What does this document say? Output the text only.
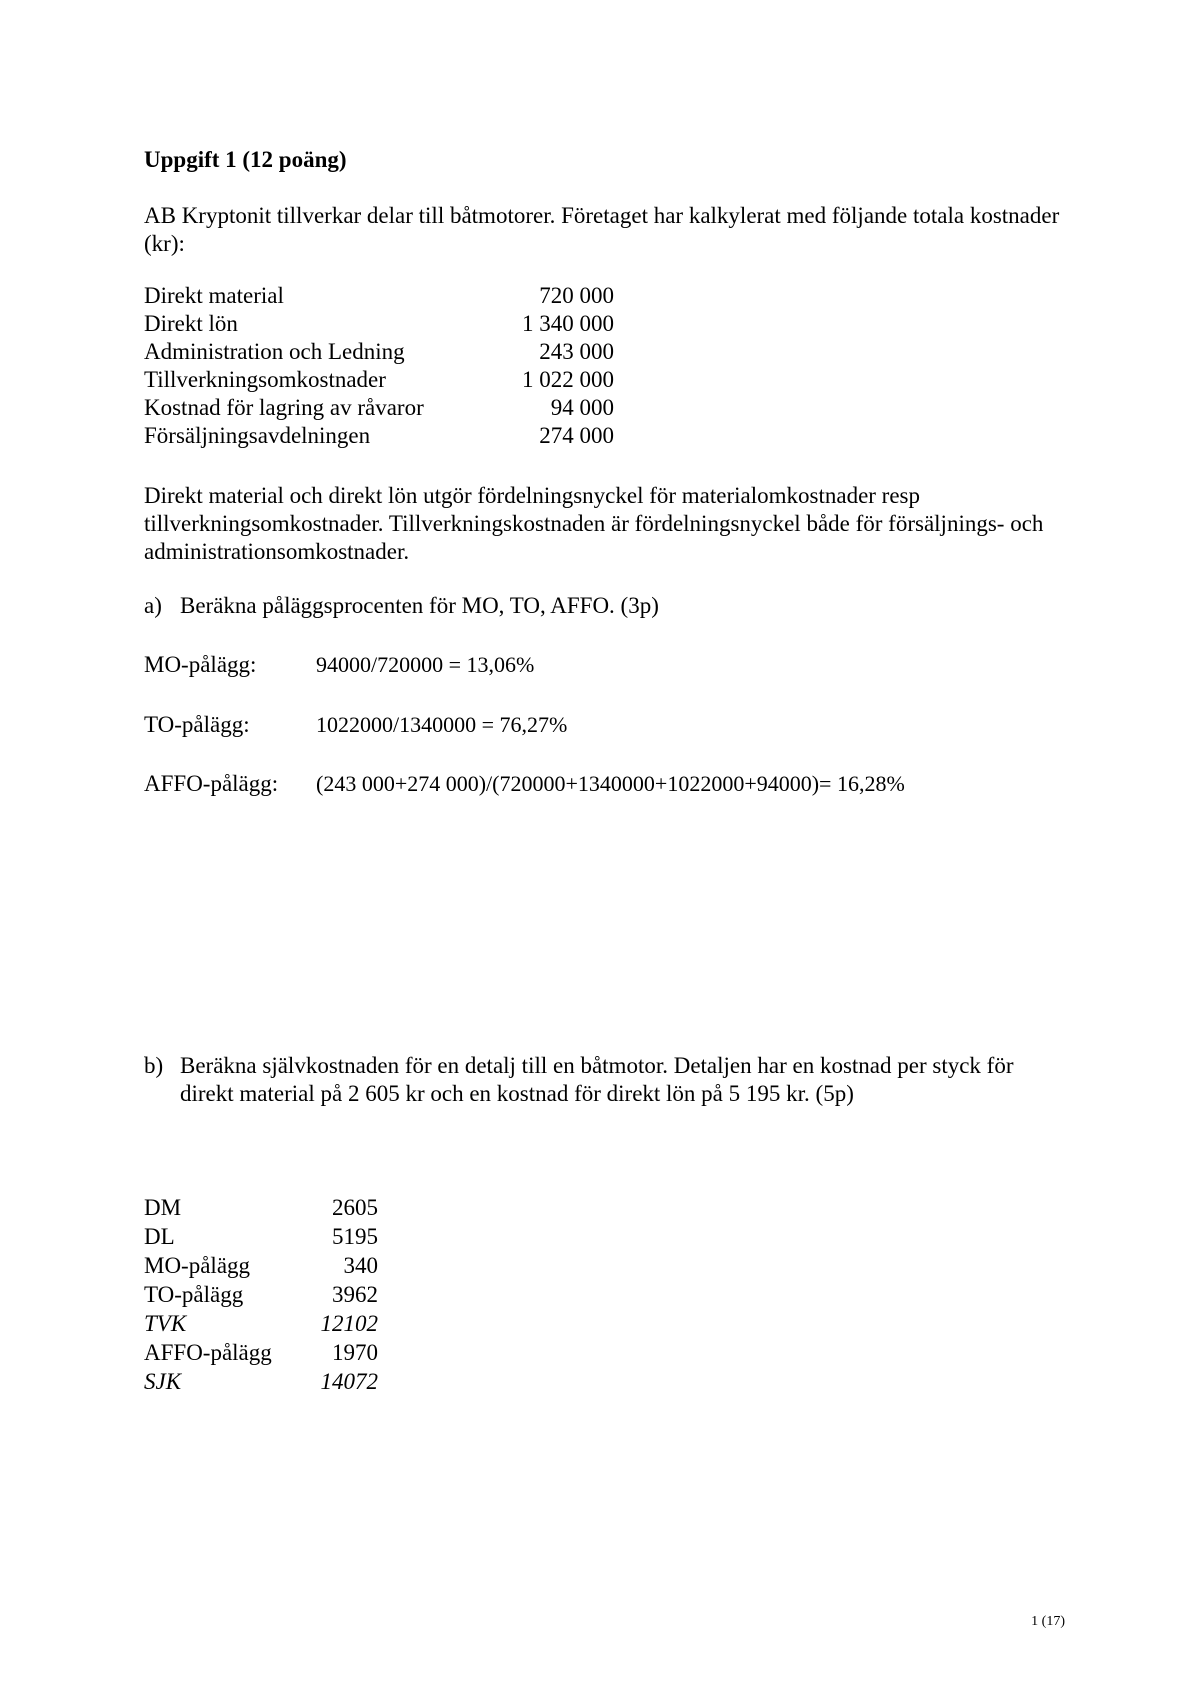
Uppgift 1 (12 poäng)
AB Kryptonit tillverkar delar till båtmotorer. Företaget har kalkylerat med följande totala kostnader (kr):
Direkt material	720 000
Direkt lön	1 340 000
Administration och Ledning	243 000
Tillverkningsomkostnader	1 022 000
Kostnad för lagring av råvaror	94 000
Försäljningsavdelningen	274 000
Direkt material och direkt lön utgör fördelningsnyckel för materialomkostnader resp tillverkningsomkostnader. Tillverkningskostnaden är fördelningsnyckel både för försäljnings- och administrationsomkostnader.
a) Beräkna påläggsprocenten för MO, TO, AFFO. (3p)
MO-pålägg:	94000/720000 = 13,06%
TO-pålägg:	1022000/1340000 = 76,27%
AFFO-pålägg:	(243 000+274 000)/(720000+1340000+1022000+94000)= 16,28%
b) Beräkna självkostnaden för en detalj till en båtmotor. Detaljen har en kostnad per styck för direkt material på 2 605 kr och en kostnad för direkt lön på 5 195 kr. (5p)
DM	2605
DL	5195
MO-pålägg	340
TO-pålägg	3962
TVK	12102
AFFO-pålägg	1970
SJK	14072
1 (17)
